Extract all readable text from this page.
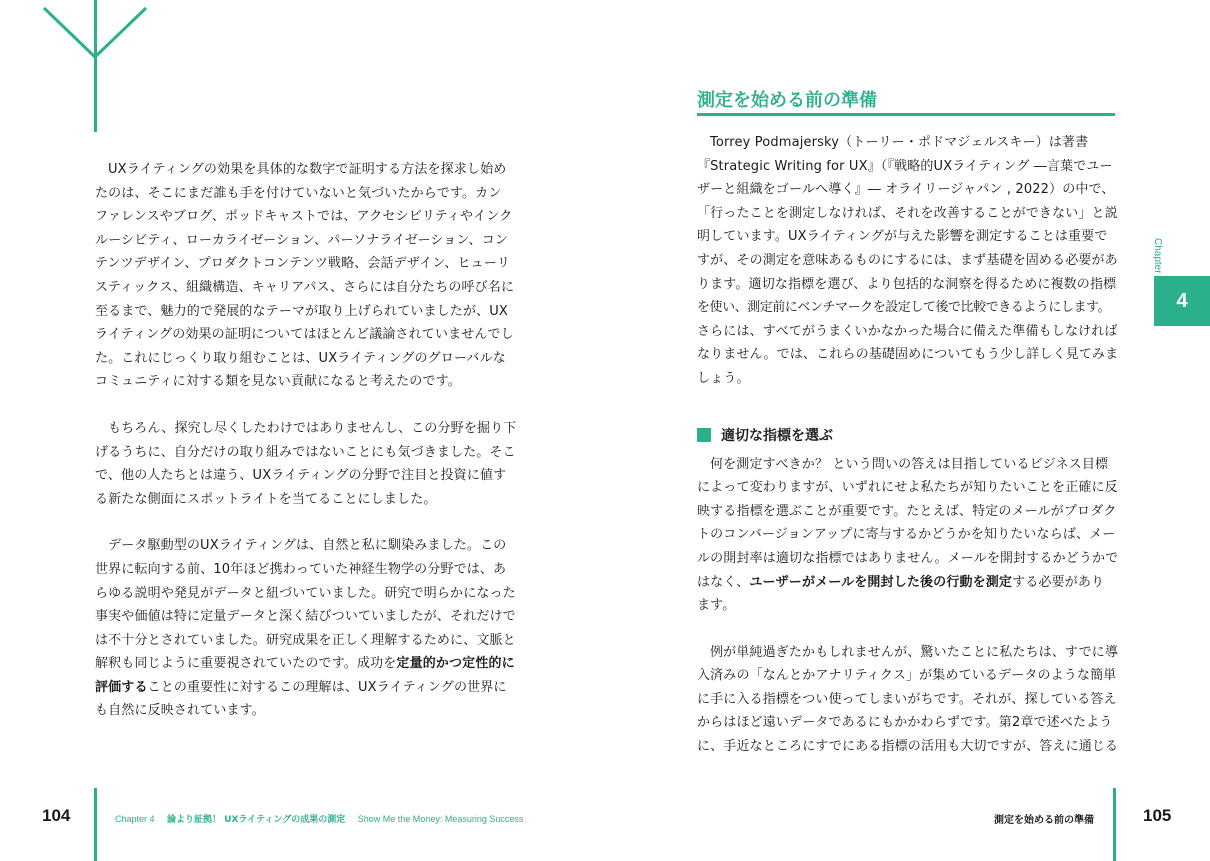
UXライティングの効果を具体的な数字で証明する方法を探求し始め
たのは、そこにまだ誰も手を付けていないと気づいたからです。カン
ファレンスやブログ、ポッドキャストでは、アクセシビリティやインク
ルーシビティ、ローカライゼーション、パーソナライゼーション、コン
テンツデザイン、プロダクトコンテンツ戦略、会話デザイン、ヒューリ
スティックス、組織構造、キャリアパス、さらには自分たちの呼び名に
至るまで、魅力的で発展的なテーマが取り上げられていましたが、UX
ライティングの効果の証明についてはほとんど議論されていませんでし
た。これにじっくり取り組むことは、UXライティングのグローバルな
コミュニティに対する類を見ない貢献になると考えたのです。
もちろん、探究し尽くしたわけではありませんし、この分野を掘り下
げるうちに、自分だけの取り組みではないことにも気づきました。そこ
で、他の人たちとは違う、UXライティングの分野で注目と投資に値す
る新たな側面にスポットライトを当てることにしました。
データ駆動型のUXライティングは、自然と私に馴染みました。この
世界に転向する前、10年ほど携わっていた神経生物学の分野では、あ
らゆる説明や発見がデータと紐づいていました。研究で明らかになった
事実や価値は特に定量データと深く結びついていましたが、それだけで
は不十分とされていました。研究成果を正しく理解するために、文脈と
解釈も同じように重要視されていたのです。成功を定量的かつ定性的に
評価することの重要性に対するこの理解は、UXライティングの世界に
も自然に反映されています。
104	Chapter 4 論より証拠！ UXライティングの成果の測定 Show Me the Money: Measuring Success
測定を始める前の準備
Torrey Podmajersky（トーリー・ポドマジェルスキー）は著書
『Strategic Writing for UX』（『戦略的UXライティング ―言葉でユー
ザーと組織をゴールへ導く』― オライリージャパン , 2022）の中で、
「行ったことを測定しなければ、それを改善することができない」と説
明しています。UXライティングが与えた影響を測定することは重要で
すが、その測定を意味あるものにするには、まず基礎を固める必要があ
ります。適切な指標を選び、より包括的な洞察を得るために複数の指標
を使い、測定前にベンチマークを設定して後で比較できるようにします。
さらには、すべてがうまくいかなかった場合に備えた準備もしなければ
なりません。では、これらの基礎固めについてもう少し詳しく見てみま
しょう。
適切な指標を選ぶ
何を測定すべきか？ という問いの答えは目指しているビジネス目標
によって変わりますが、いずれにせよ私たちが知りたいことを正確に反
映する指標を選ぶことが重要です。たとえば、特定のメールがプロダク
トのコンバージョンアップに寄与するかどうかを知りたいならば、メー
ルの開封率は適切な指標ではありません。メールを開封するかどうかで
はなく、ユーザーがメールを開封した後の行動を測定する必要があり
ます。
例が単純過ぎたかもしれませんが、驚いたことに私たちは、すでに導
入済みの「なんとかアナリティクス」が集めているデータのような簡単
に手に入る指標をつい使ってしまいがちです。それが、探している答え
からはほど遠いデータであるにもかかわらずです。第2章で述べたよう
に、手近なところにすでにある指標の活用も大切ですが、答えに通じる
Chapter
4
測定を始める前の準備	105
